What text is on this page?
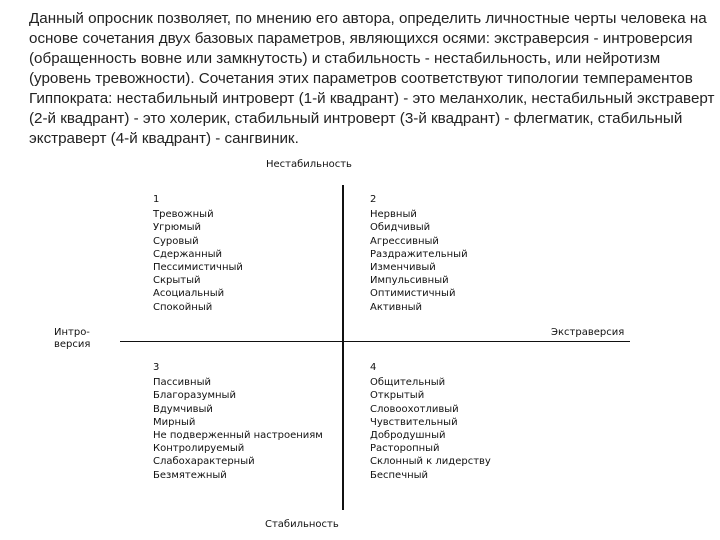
Данный опросник позволяет, по мнению его автора, определить личностные черты человека на

основе сочетания двух базовых параметров, являющихся осями: экстраверсия - интроверсия

(обращенность вовне или замкнутость) и стабильность - нестабильность, или нейротизм

(уровень тревожности). Сочетания этих параметров соответствуют типологии темпераментов

Гиппократа: нестабильный интроверт (1-й квадрант) - это меланхолик, нестабильный экстраверт

(2-й квадрант) - это холерик, стабильный интроверт (3-й квадрант) - флегматик, стабильный

экстраверт (4-й квадрант) - сангвиник.

Нестабильность
Стабильность
Интро-
версия
Экстраверсия
1
Тревожный
Угрюмый
Суровый
Сдержанный
Пессимистичный
Скрытый
Асоциальный
Спокойный
2
Нервный
Обидчивый
Агрессивный
Раздражительный
Изменчивый
Импульсивный
Оптимистичный
Активный
3
Пассивный
Благоразумный
Вдумчивый
Мирный
Не подверженный настроениям
Контролируемый
Слабохарактерный
Безмятежный
4
Общительный
Открытый
Словоохотливый
Чувствительный
Добродушный
Расторопный
Склонный к лидерству
Беспечный
